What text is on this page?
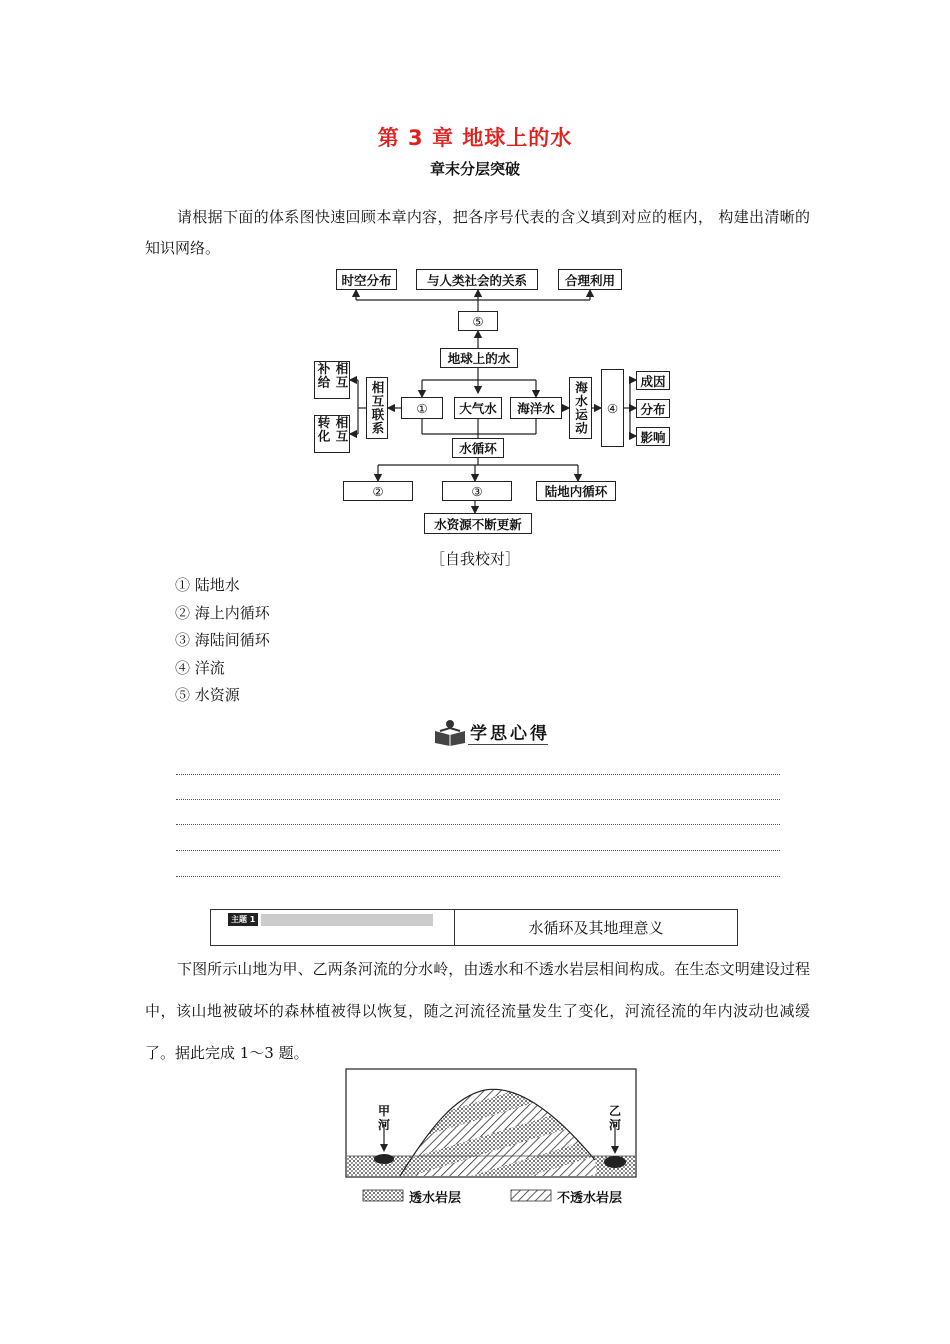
第 3 章 地球上的水
章末分层突破
请根据下面的体系图快速回顾本章内容，把各序号代表的含义填到对应的框内， 构建出清晰的知识网络。
时空分布	与人类社会的关系	合理利用
⑤
地球上的水
相互补给
相互转化	相互联系	①	大气水	海洋水	海水运动	④
成因
分布
影响
水循环
②	③	陆地内循环
水资源不断更新
［自我校对］
① 陆地水
② 海上内循环
③ 海陆间循环
④ 洋流
⑤ 水资源
学思心得
主题 1	水循环及其地理意义
下图所示山地为甲、乙两条河流的分水岭，由透水和不透水岩层相间构成。在生态文明建设过程中，该山地被破坏的森林植被得以恢复，随之河流径流量发生了变化，河流径流的年内波动也减缓了。据此完成 1～3 题。
甲河
乙河
透水岩层	不透水岩层
